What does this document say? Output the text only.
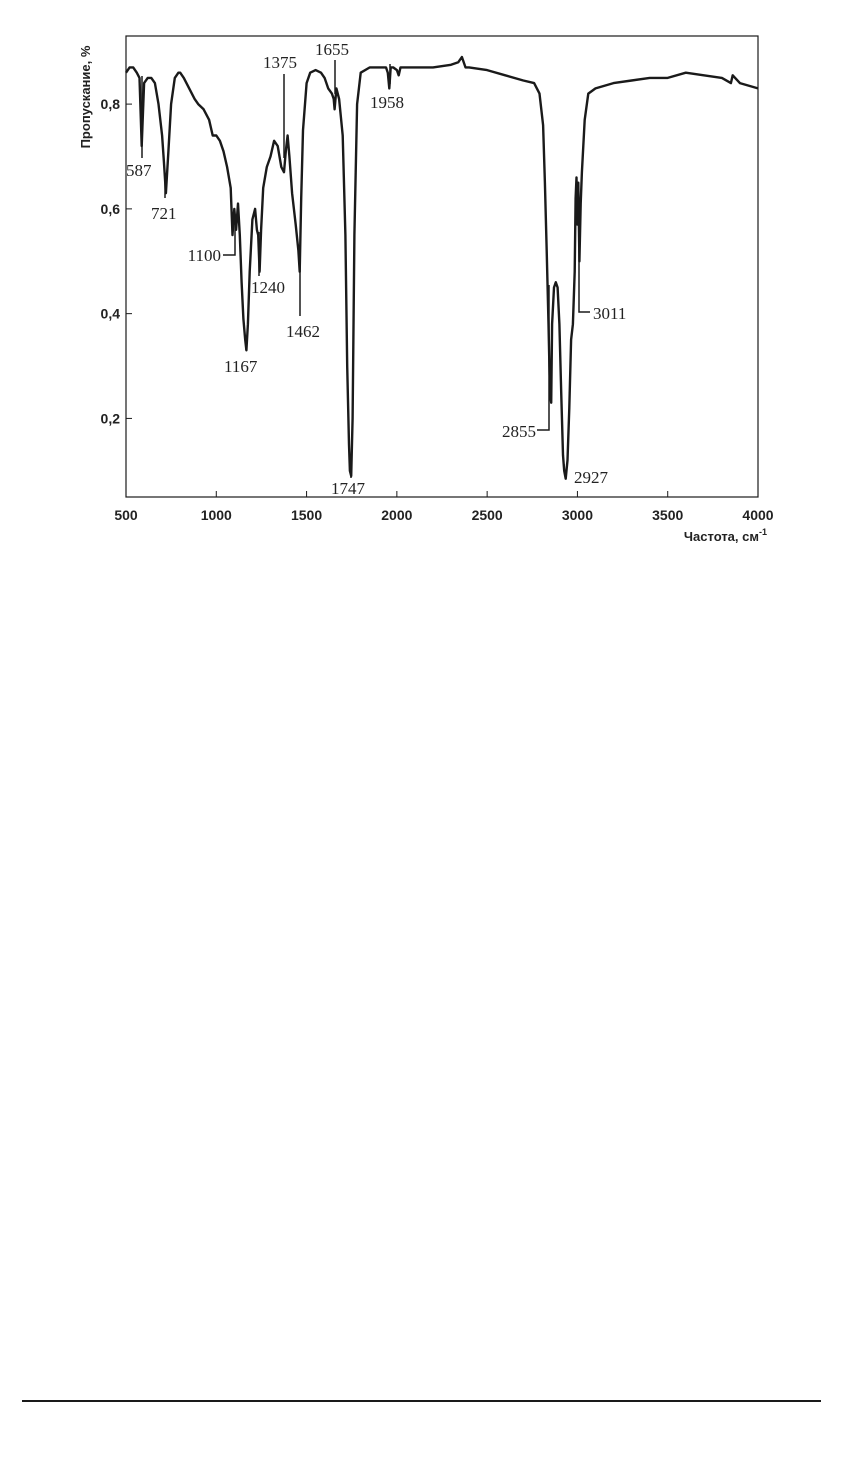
500	1000	1500	2000	2500	3000	3500	4000
0,2
0,4
0,6
0,8
587
721
1100
1167
1240
1375
1462
1655
1747
1958
2855
2927
3011
Пропускание, %
Частота, $см^{-1}$
